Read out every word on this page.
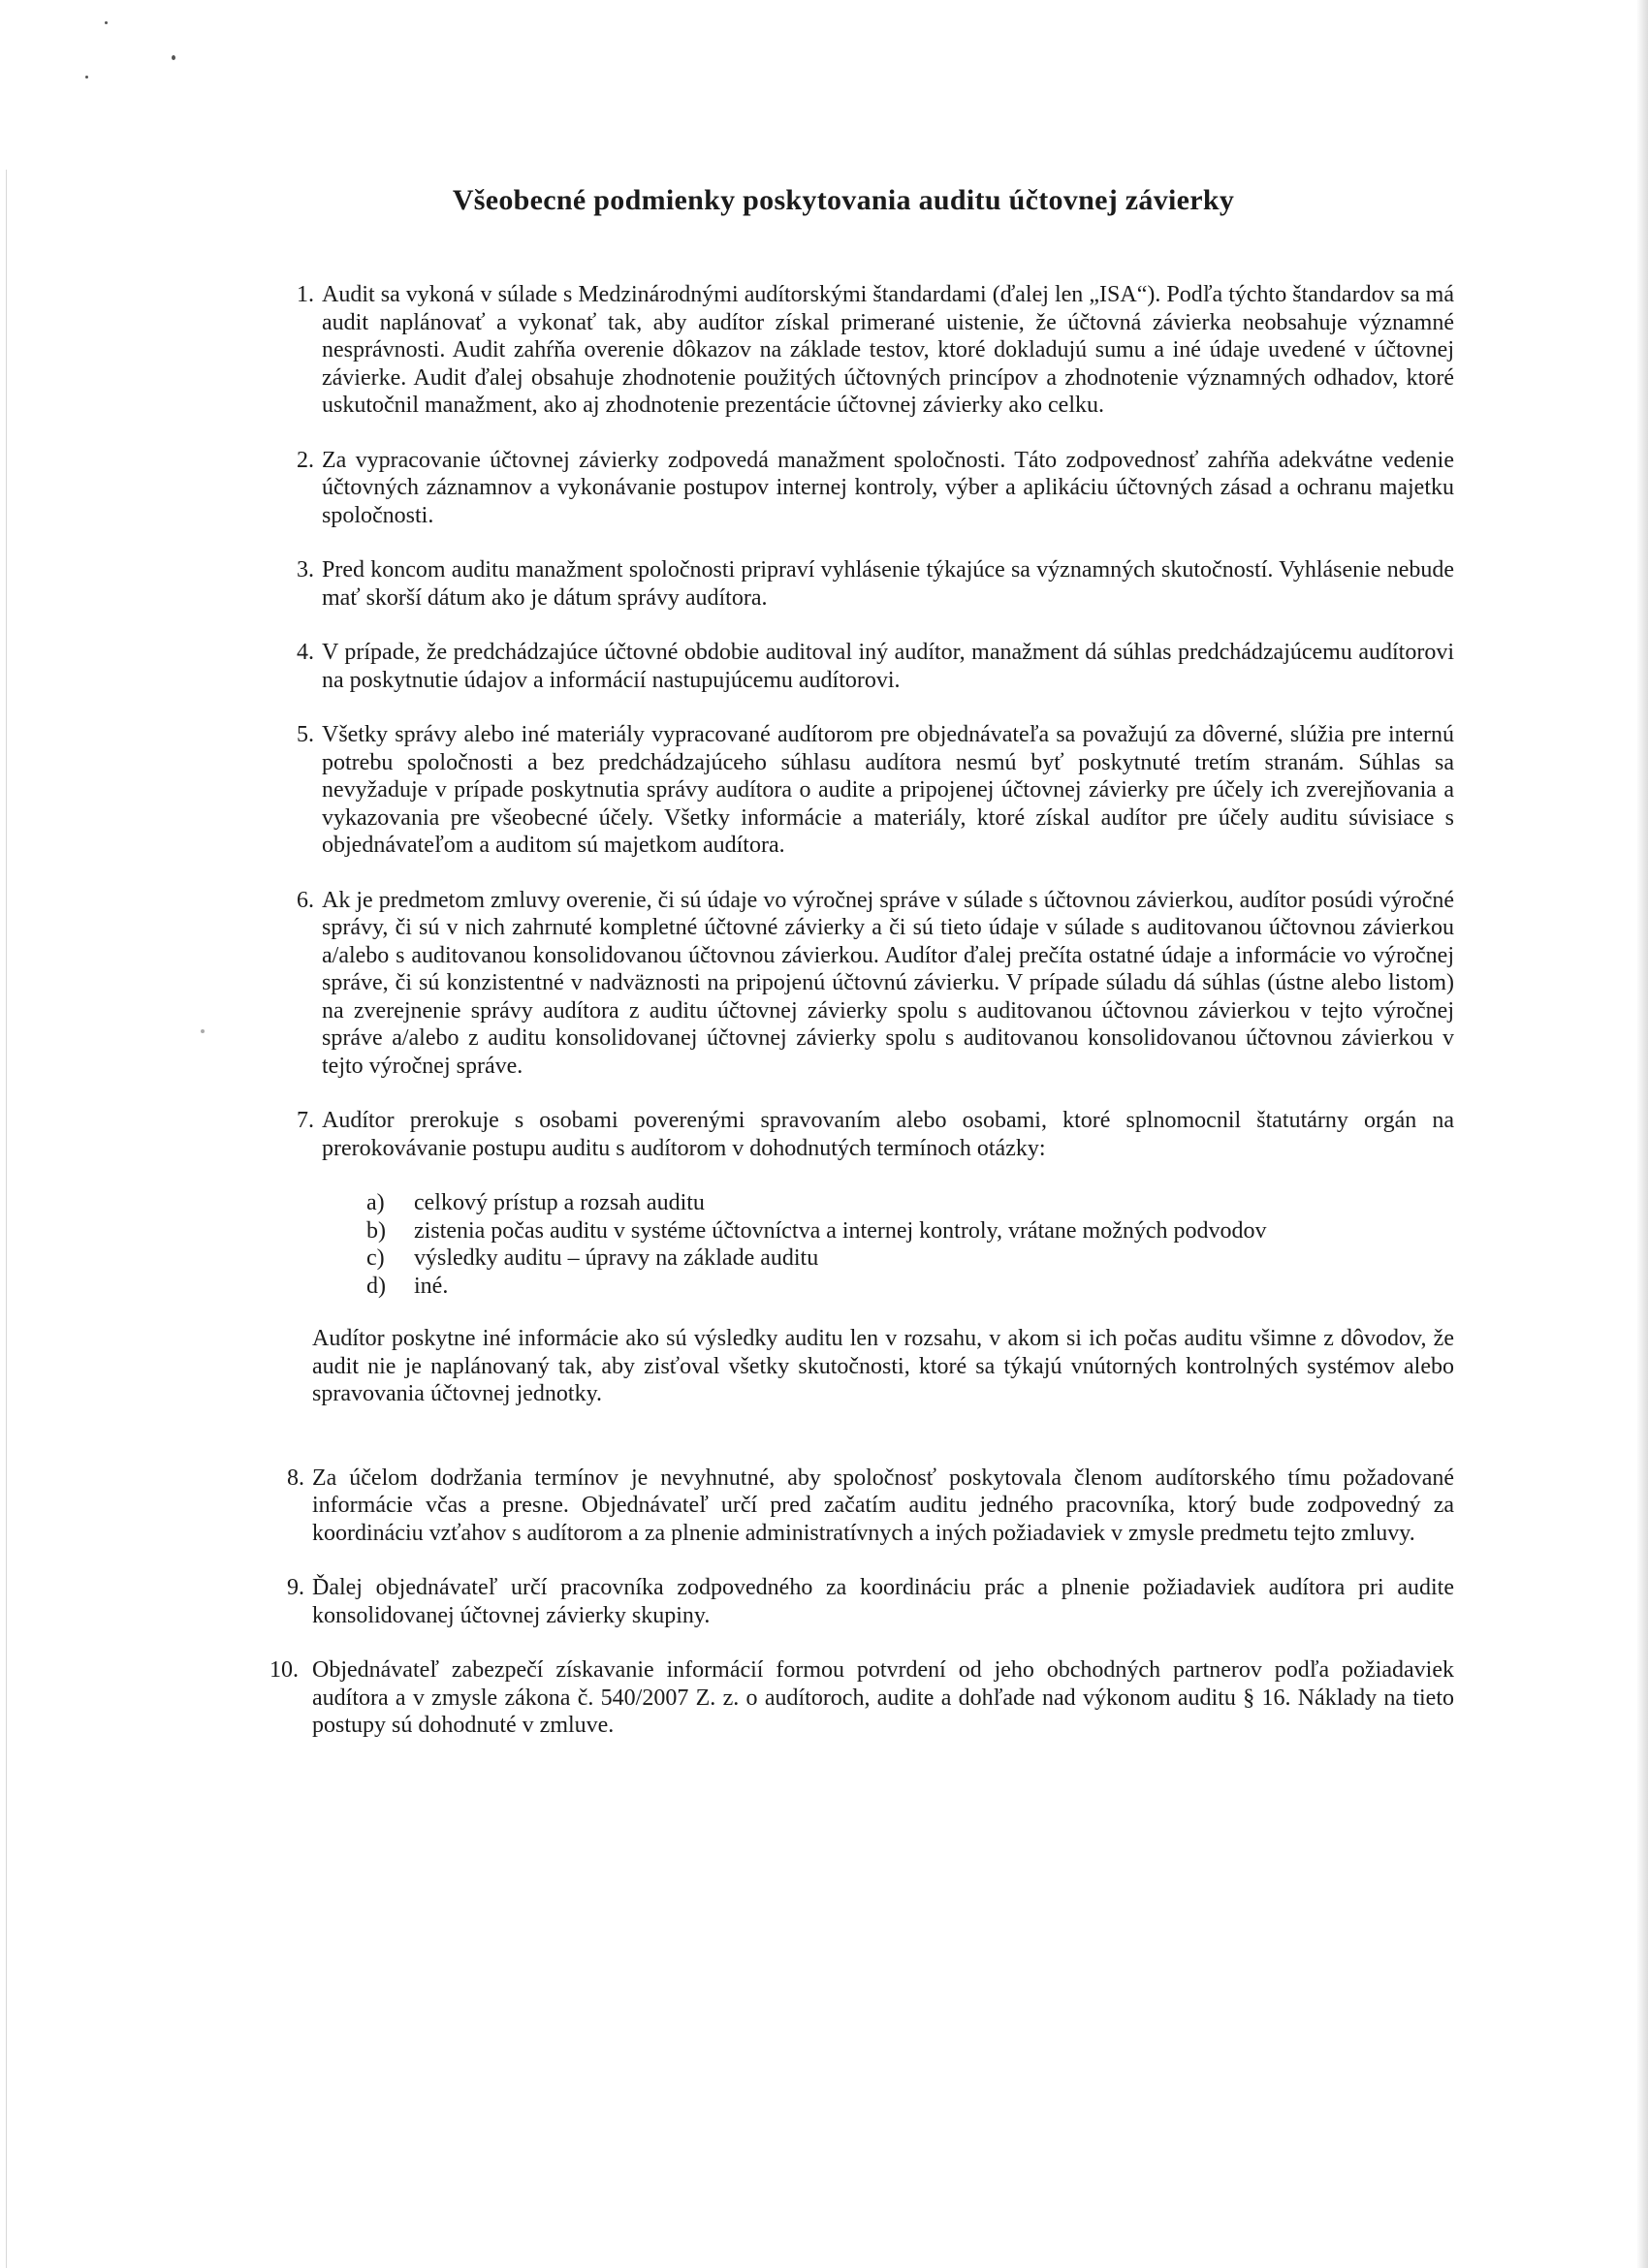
Všeobecné podmienky poskytovania auditu účtovnej závierky
1. Audit sa vykoná v súlade s Medzinárodnými audítorskými štandardami (ďalej len „ISA“). Podľa týchto štandardov sa má audit naplánovať a vykonať tak, aby audítor získal primerané uistenie, že účtovná závierka neobsahuje významné nesprávnosti. Audit zahŕňa overenie dôkazov na základe testov, ktoré dokladujú sumu a iné údaje uvedené v účtovnej závierke. Audit ďalej obsahuje zhodnotenie použitých účtovných princípov a zhodnotenie významných odhadov, ktoré uskutočnil manažment, ako aj zhodnotenie prezentácie účtovnej závierky ako celku.
2. Za vypracovanie účtovnej závierky zodpovedá manažment spoločnosti. Táto zodpovednosť zahŕňa adekvátne vedenie účtovných záznamnov a vykonávanie postupov internej kontroly, výber a aplikáciu účtovných zásad a ochranu majetku spoločnosti.
3. Pred koncom auditu manažment spoločnosti pripraví vyhlásenie týkajúce sa významných skutočností. Vyhlásenie nebude mať skorší dátum ako je dátum správy audítora.
4. V prípade, že predchádzajúce účtovné obdobie auditoval iný audítor, manažment dá súhlas predchádzajúcemu audítorovi na poskytnutie údajov a informácií nastupujúcemu audítorovi.
5. Všetky správy alebo iné materiály vypracované audítorom pre objednávateľa sa považujú za dôverné, slúžia pre internú potrebu spoločnosti a bez predchádzajúceho súhlasu audítora nesmú byť poskytnuté tretím stranám. Súhlas sa nevyžaduje v prípade poskytnutia správy audítora o audite a pripojenej účtovnej závierky pre účely ich zverejňovania a vykazovania pre všeobecné účely. Všetky informácie a materiály, ktoré získal audítor pre účely auditu súvisiace s objednávateľom a auditom sú majetkom audítora.
6. Ak je predmetom zmluvy overenie, či sú údaje vo výročnej správe v súlade s účtovnou závierkou, audítor posúdi výročné správy, či sú v nich zahrnuté kompletné účtovné závierky a či sú tieto údaje v súlade s auditovanou účtovnou závierkou a/alebo s auditovanou konsolidovanou účtovnou závierkou. Audítor ďalej prečíta ostatné údaje a informácie vo výročnej správe, či sú konzistentné v nadväznosti na pripojenú účtovnú závierku. V prípade súladu dá súhlas (ústne alebo listom) na zverejnenie správy audítora z auditu účtovnej závierky spolu s auditovanou účtovnou závierkou v tejto výročnej správe a/alebo z auditu konsolidovanej účtovnej závierky spolu s auditovanou konsolidovanou účtovnou závierkou v tejto výročnej správe.
7. Audítor prerokuje s osobami poverenými spravovaním alebo osobami, ktoré splnomocnil štatutárny orgán na prerokovávanie postupu auditu s audítorom v dohodnutých termínoch otázky:
a) celkový prístup a rozsah auditu
b) zistenia počas auditu v systéme účtovníctva a internej kontroly, vrátane možných podvodov
c) výsledky auditu – úpravy na základe auditu
d) iné.

Audítor poskytne iné informácie ako sú výsledky auditu len v rozsahu, v akom si ich počas auditu všimne z dôvodov, že audit nie je naplánovaný tak, aby zisťoval všetky skutočnosti, ktoré sa týkajú vnútorných kontrolných systémov alebo spravovania účtovnej jednotky.

8. Za účelom dodržania termínov je nevyhnutné, aby spoločnosť poskytovala členom audítorského tímu požadované informácie včas a presne. Objednávateľ určí pred začatím auditu jedného pracovníka, ktorý bude zodpovedný za koordináciu vzťahov s audítorom a za plnenie administratívnych a iných požiadaviek v zmysle predmetu tejto zmluvy.
9. Ďalej objednávateľ určí pracovníka zodpovedného za koordináciu prác a plnenie požiadaviek audítora pri audite konsolidovanej účtovnej závierky skupiny.
10. Objednávateľ zabezpečí získavanie informácií formou potvrdení od jeho obchodných partnerov podľa požiadaviek audítora a v zmysle zákona č. 540/2007 Z. z. o audítoroch, audite a dohľade nad výkonom auditu § 16. Náklady na tieto postupy sú dohodnuté v zmluve.
